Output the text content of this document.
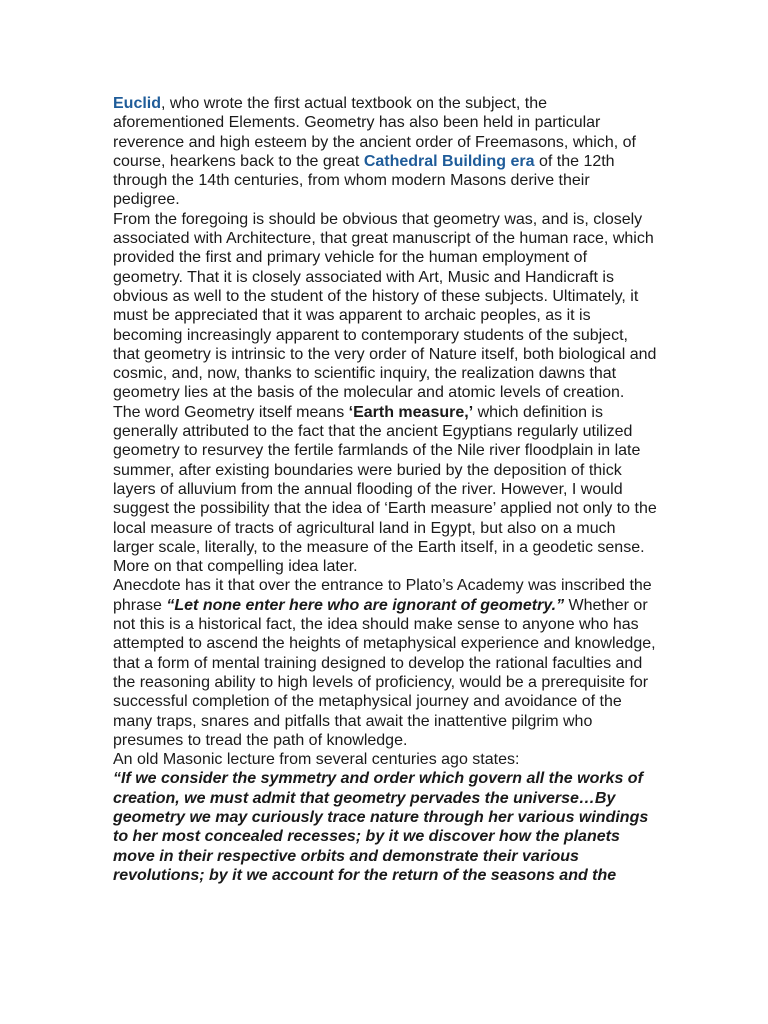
Euclid, who wrote the first actual textbook on the subject, the aforementioned Elements. Geometry has also been held in particular reverence and high esteem by the ancient order of Freemasons, which, of course, hearkens back to the great Cathedral Building era of the 12th through the 14th centuries, from whom modern Masons derive their pedigree.

From the foregoing is should be obvious that geometry was, and is, closely associated with Architecture, that great manuscript of the human race, which provided the first and primary vehicle for the human employment of geometry. That it is closely associated with Art, Music and Handicraft is obvious as well to the student of the history of these subjects. Ultimately, it must be appreciated that it was apparent to archaic peoples, as it is becoming increasingly apparent to contemporary students of the subject, that geometry is intrinsic to the very order of Nature itself, both biological and cosmic, and, now, thanks to scientific inquiry, the realization dawns that geometry lies at the basis of the molecular and atomic levels of creation.

The word Geometry itself means ‘Earth measure,’ which definition is generally attributed to the fact that the ancient Egyptians regularly utilized geometry to resurvey the fertile farmlands of the Nile river floodplain in late summer, after existing boundaries were buried by the deposition of thick layers of alluvium from the annual flooding of the river. However, I would suggest the possibility that the idea of ‘Earth measure’ applied not only to the local measure of tracts of agricultural land in Egypt, but also on a much larger scale, literally, to the measure of the Earth itself, in a geodetic sense. More on that compelling idea later.

Anecdote has it that over the entrance to Plato’s Academy was inscribed the phrase “Let none enter here who are ignorant of geometry.” Whether or not this is a historical fact, the idea should make sense to anyone who has attempted to ascend the heights of metaphysical experience and knowledge, that a form of mental training designed to develop the rational faculties and the reasoning ability to high levels of proficiency, would be a prerequisite for successful completion of the metaphysical journey and avoidance of the many traps, snares and pitfalls that await the inattentive pilgrim who presumes to tread the path of knowledge.

An old Masonic lecture from several centuries ago states:

“If we consider the symmetry and order which govern all the works of creation, we must admit that geometry pervades the universe…By geometry we may curiously trace nature through her various windings to her most concealed recesses; by it we discover how the planets move in their respective orbits and demonstrate their various revolutions; by it we account for the return of the seasons and the
